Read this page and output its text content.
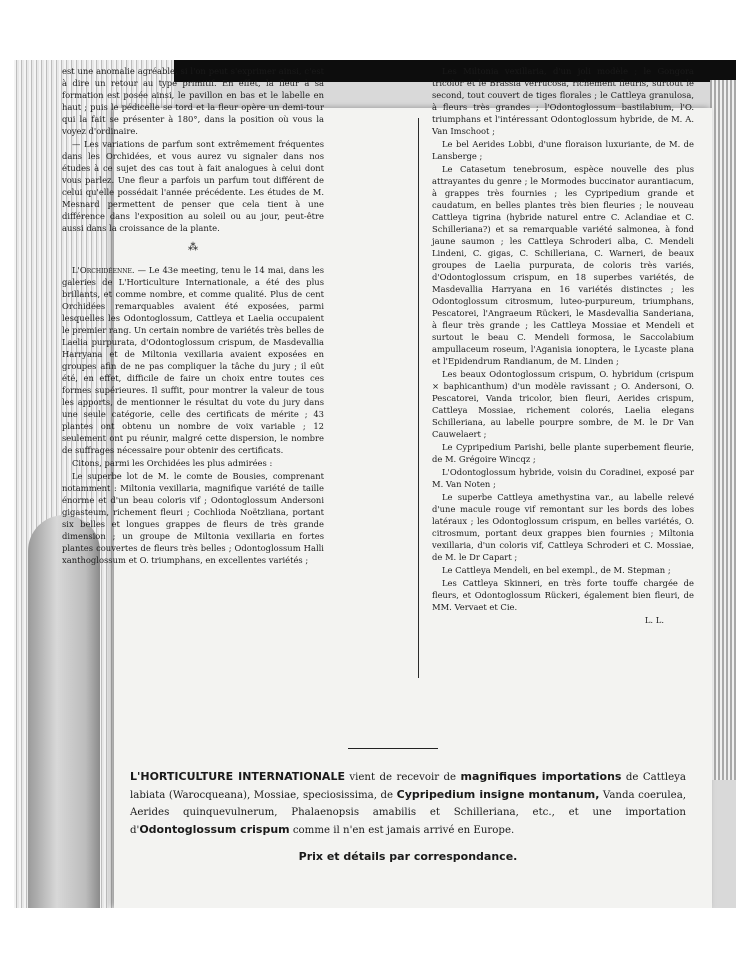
est une anomalie agréable, si l'on peut s'exprimer ainsi, c'est à dire un retour au type primitif. En effet, la fleur à sa formation est posée ainsi, le pavillon en bas et le labelle en haut ; puis le pédicelle se tord et la fleur opère un demi-tour qui la fait se présenter à 180°, dans la position où vous la voyez d'ordinaire.

— Les variations de parfum sont extrêmement fréquentes dans les Orchidées, et vous aurez vu signaler dans nos études à ce sujet des cas tout à fait analogues à celui dont vous parlez. Une fleur a parfois un parfum tout différent de celui qu'elle possédait l'année précédente. Les études de M. Mesnard permettent de penser que cela tient à une différence dans l'exposition au soleil ou au jour, peut-être aussi dans la croissance de la plante.

⁂

L'Orchidéenne. — Le 43e meeting, tenu le 14 mai, dans les galeries de L'Horticulture Internationale, a été des plus brillants, et comme nombre, et comme qualité. Plus de cent Orchidées remarquables avaient été exposées, parmi lesquelles les Odontoglossum, Cattleya et Laelia occupaient le premier rang. Un certain nombre de variétés très belles de Laelia purpurata, d'Odontoglossum crispum, de Masdevallia Harryana et de Miltonia vexillaria avaient exposées en groupes afin de ne pas compliquer la tâche du jury ; il eût été, en effet, difficile de faire un choix entre toutes ces formes supérieures. Il suffit, pour montrer la valeur de tous les apports, de mentionner le résultat du vote du jury dans une seule catégorie, celle des certificats de mérite ; 43 plantes ont obtenu un nombre de voix variable ; 12 seulement ont pu réunir, malgré cette dispersion, le nombre de suffrages nécessaire pour obtenir des certificats.

Citons, parmi les Orchidées les plus admirées :

Le superbe lot de M. le comte de Bousies, comprenant notamment : Miltonia vexillaria, magnifique variété de taille énorme et d'un beau coloris vif ; Odontoglossum Andersoni gigasteum, richement fleuri ; Cochlioda Noëtzliana, portant six belles et longues grappes de fleurs de très grande dimension ; un groupe de Miltonia vexillaria en fortes plantes couvertes de fleurs très belles ; Odontoglossum Halli xanthoglossum et O. triumphans, en excellentes variétés ;

Les Miltonia vexillaria, d'un joli modèle ; le Gongora tricolor et le Brassia verrucosa, richement fleuris, surtout le second, tout couvert de tiges florales ; le Cattleya granulosa, à fleurs très grandes ; l'Odontoglossum bastilabium, l'O. triumphans et l'intéressant Odontoglossum hybride, de M. A. Van Imschoot ;

Le bel Aerides Lobbi, d'une floraison luxuriante, de M. de Lansberge ;

Le Catasetum tenebrosum, espèce nouvelle des plus attrayantes du genre ; le Mormodes buccinator aurantiacum, à grappes très fournies ; les Cypripedium grande et caudatum, en belles plantes très bien fleuries ; le nouveau Cattleya tigrina (hybride naturel entre C. Aclandiae et C. Schilleriana?) et sa remarquable variété salmonea, à fond jaune saumon ; les Cattleya Schroderi alba, C. Mendeli Lindeni, C. gigas, C. Schilleriana, C. Warneri, de beaux groupes de Laelia purpurata, de coloris très variés, d'Odontoglossum crispum, en 18 superbes variétés, de Masdevallia Harryana en 16 variétés distinctes ; les Odontoglossum citrosmum, luteo-purpureum, triumphans, Pescatorei, l'Angraeum Rückeri, le Masdevallia Sanderiana, à fleur très grande ; les Cattleya Mossiae et Mendeli et surtout le beau C. Mendeli formosa, le Saccolabium ampullaceum roseum, l'Aganisia ionoptera, le Lycaste plana et l'Epidendrum Randianum, de M. Linden ;

Les beaux Odontoglossum crispum, O. hybridum (crispum × baphicanthum) d'un modèle ravissant ; O. Andersoni, O. Pescatorei, Vanda tricolor, bien fleuri, Aerides crispum, Cattleya Mossiae, richement colorés, Laelia elegans Schilleriana, au labelle pourpre sombre, de M. le Dr Van Cauwelaert ;

Le Cypripedium Parishi, belle plante superbement fleurie, de M. Grégoire Wincqz ;

L'Odontoglossum hybride, voisin du Coradinei, exposé par M. Van Noten ;

Le superbe Cattleya amethystina var., au labelle relevé d'une macule rouge vif remontant sur les bords des lobes latéraux ; les Odontoglossum crispum, en belles variétés, O. citrosmum, portant deux grappes bien fournies ; Miltonia vexillaria, d'un coloris vif, Cattleya Schroderi et C. Mossiae, de M. le Dr Capart ;

Le Cattleya Mendeli, en bel exempl., de M. Stepman ;

Les Cattleya Skinneri, en très forte touffe chargée de fleurs, et Odontoglossum Rückeri, également bien fleuri, de MM. Vervaet et Cie.

L. L.

L'HORTICULTURE INTERNATIONALE vient de recevoir de magnifiques importations de Cattleya labiata (Warocqueana), Mossiae, speciosissima, de Cypripedium insigne montanum, Vanda coerulea, Aerides quinquevulnerum, Phalaenopsis amabilis et Schilleriana, etc., et une importation d'Odontoglossum crispum comme il n'en est jamais arrivé en Europe.
Prix et détails par correspondance.
